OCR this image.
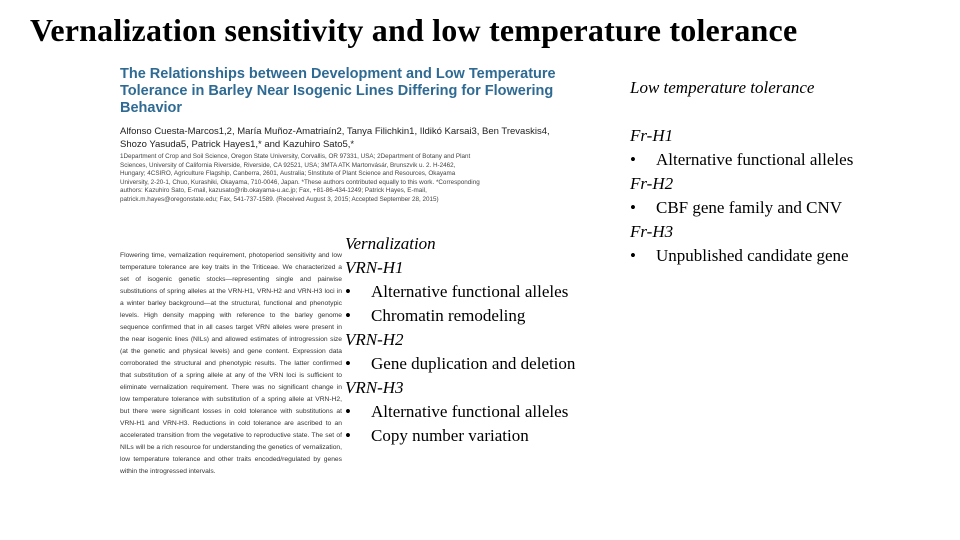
Vernalization sensitivity and low temperature tolerance
The Relationships between Development and Low Temperature Tolerance in Barley Near Isogenic Lines Differing for Flowering Behavior
Alfonso Cuesta-Marcos1,2, María Muñoz-Amatriaín2, Tanya Filichkin1, Ildikó Karsai3, Ben Trevaskis4, Shozo Yasuda5, Patrick Hayes1,* and Kazuhiro Sato5,*
1Department of Crop and Soil Science, Oregon State University, Corvallis, OR 97331, USA; 2Department of Botany and Plant Sciences, University of California Riverside, Riverside, CA 92521, USA; 3MTA ATK Martonvásár, Brunszvik u. 2. H-2462, Hungary; 4CSIRO, Agriculture Flagship, Canberra, 2601, Australia; 5Institute of Plant Science and Resources, Okayama University, 2-20-1, Chuo, Kurashiki, Okayama, 710-0046, Japan. *These authors contributed equally to this work. *Corresponding authors: Kazuhiro Sato, E-mail, kazusato@rib.okayama-u.ac.jp; Fax, +81-86-434-1249; Patrick Hayes, E-mail, patrick.m.hayes@oregonstate.edu; Fax, 541-737-1589. (Received August 3, 2015; Accepted September 28, 2015)
Flowering time, vernalization requirement, photoperiod sensitivity and low temperature tolerance are key traits in the Triticeae. We characterized a set of isogenic genetic stocks—representing single and pairwise substitutions of spring alleles at the VRN-H1, VRN-H2 and VRN-H3 loci in a winter barley background—at the structural, functional and phenotypic levels. High density mapping with reference to the barley genome sequence confirmed that in all cases target VRN alleles were present in the near isogenic lines (NILs) and allowed estimates of introgression size (at the genetic and physical levels) and gene content. Expression data corroborated the structural and phenotypic results. The latter confirmed that substitution of a spring allele at any of the VRN loci is sufficient to eliminate vernalization requirement. There was no significant change in low temperature tolerance with substitution of a spring allele at VRN-H2, but there were significant losses in cold tolerance with substitutions at VRN-H1 and VRN-H3. Reductions in cold tolerance are ascribed to an accelerated transition from the vegetative to reproductive state. The set of NILs will be a rich resource for understanding the genetics of vernalization, low temperature tolerance and other traits encoded/regulated by genes within the introgressed intervals.
Vernalization
VRN-H1
•	Alternative functional alleles
•	Chromatin remodeling
VRN-H2
•	Gene duplication and deletion
VRN-H3
•	Alternative functional alleles
•	Copy number variation
Low temperature tolerance
Fr-H1
•	Alternative functional alleles
Fr-H2
•	CBF gene family and CNV
Fr-H3
•	Unpublished candidate gene
